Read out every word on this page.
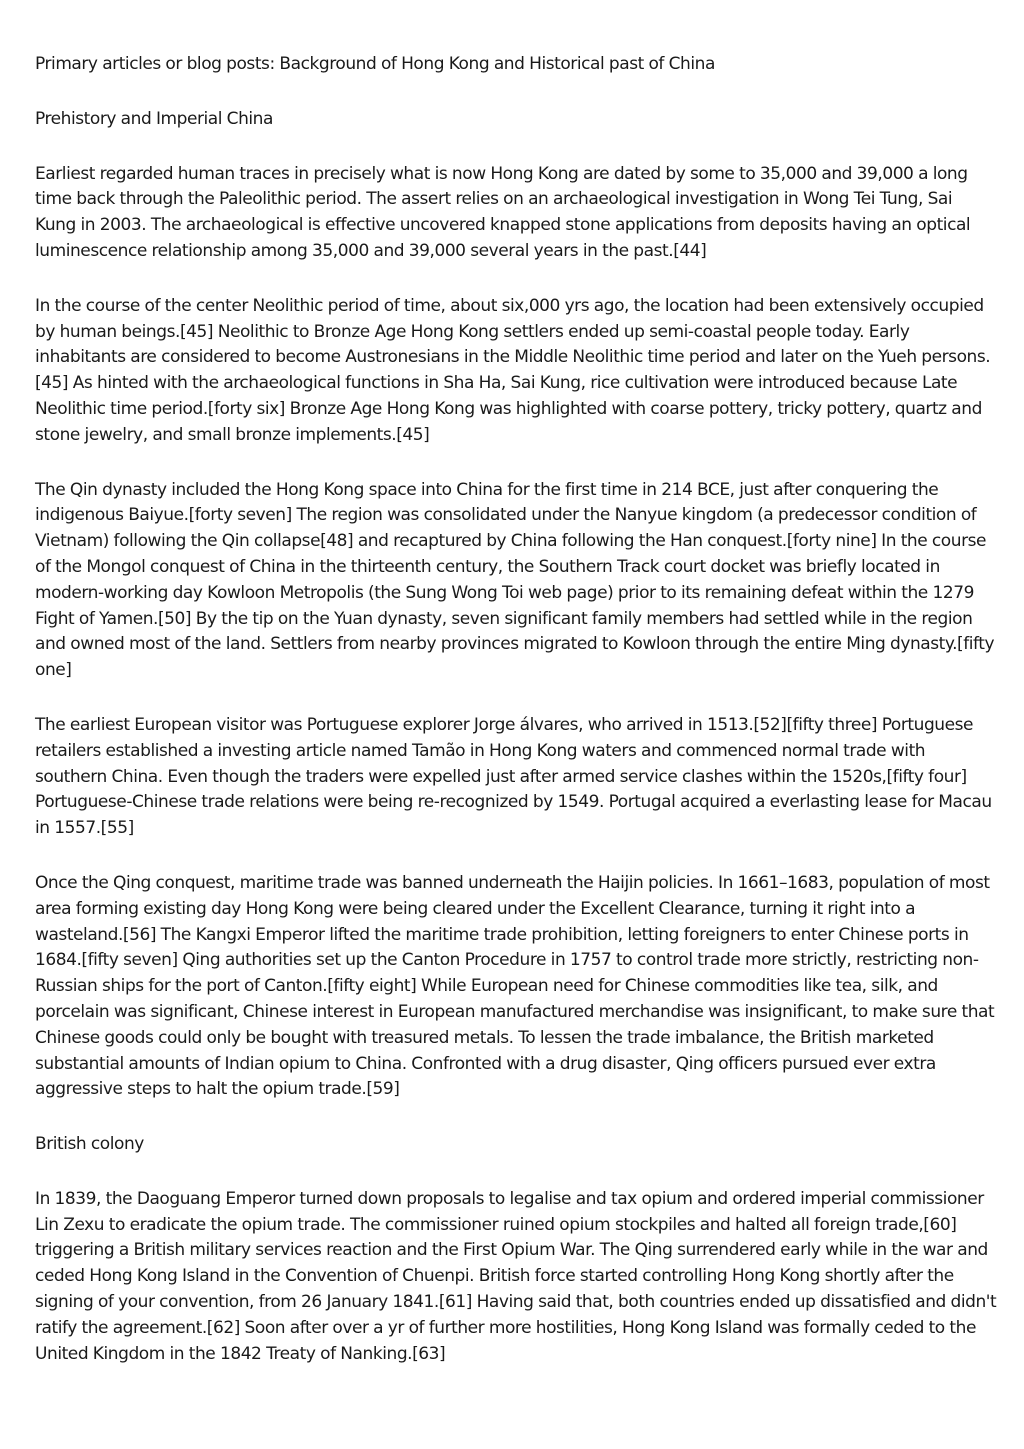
Primary articles or blog posts: Background of Hong Kong and Historical past of China

Prehistory and Imperial China

Earliest regarded human traces in precisely what is now Hong Kong are dated by some to 35,000 and 39,000 a long time back through the Paleolithic period. The assert relies on an archaeological investigation in Wong Tei Tung, Sai Kung in 2003. The archaeological is effective uncovered knapped stone applications from deposits having an optical luminescence relationship among 35,000 and 39,000 several years in the past.[44]

In the course of the center Neolithic period of time, about six,000 yrs ago, the location had been extensively occupied by human beings.[45] Neolithic to Bronze Age Hong Kong settlers ended up semi-coastal people today. Early inhabitants are considered to become Austronesians in the Middle Neolithic time period and later on the Yueh persons.[45] As hinted with the archaeological functions in Sha Ha, Sai Kung, rice cultivation were introduced because Late Neolithic time period.[forty six] Bronze Age Hong Kong was highlighted with coarse pottery, tricky pottery, quartz and stone jewelry, and small bronze implements.[45]

The Qin dynasty included the Hong Kong space into China for the first time in 214 BCE, just after conquering the indigenous Baiyue.[forty seven] The region was consolidated under the Nanyue kingdom (a predecessor condition of Vietnam) following the Qin collapse[48] and recaptured by China following the Han conquest.[forty nine] In the course of the Mongol conquest of China in the thirteenth century, the Southern Track court docket was briefly located in modern-working day Kowloon Metropolis (the Sung Wong Toi web page) prior to its remaining defeat within the 1279 Fight of Yamen.[50] By the tip on the Yuan dynasty, seven significant family members had settled while in the region and owned most of the land. Settlers from nearby provinces migrated to Kowloon through the entire Ming dynasty.[fifty one]

The earliest European visitor was Portuguese explorer Jorge álvares, who arrived in 1513.[52][fifty three] Portuguese retailers established a investing article named Tamão in Hong Kong waters and commenced normal trade with southern China. Even though the traders were expelled just after armed service clashes within the 1520s,[fifty four] Portuguese-Chinese trade relations were being re-recognized by 1549. Portugal acquired a everlasting lease for Macau in 1557.[55]

Once the Qing conquest, maritime trade was banned underneath the Haijin policies. In 1661–1683, population of most area forming existing day Hong Kong were being cleared under the Excellent Clearance, turning it right into a wasteland.[56] The Kangxi Emperor lifted the maritime trade prohibition, letting foreigners to enter Chinese ports in 1684.[fifty seven] Qing authorities set up the Canton Procedure in 1757 to control trade more strictly, restricting non-Russian ships for the port of Canton.[fifty eight] While European need for Chinese commodities like tea, silk, and porcelain was significant, Chinese interest in European manufactured merchandise was insignificant, to make sure that Chinese goods could only be bought with treasured metals. To lessen the trade imbalance, the British marketed substantial amounts of Indian opium to China. Confronted with a drug disaster, Qing officers pursued ever extra aggressive steps to halt the opium trade.[59]

British colony

In 1839, the Daoguang Emperor turned down proposals to legalise and tax opium and ordered imperial commissioner Lin Zexu to eradicate the opium trade. The commissioner ruined opium stockpiles and halted all foreign trade,[60] triggering a British military services reaction and the First Opium War. The Qing surrendered early while in the war and ceded Hong Kong Island in the Convention of Chuenpi. British force started controlling Hong Kong shortly after the signing of your convention, from 26 January 1841.[61] Having said that, both countries ended up dissatisfied and didn't ratify the agreement.[62] Soon after over a yr of further more hostilities, Hong Kong Island was formally ceded to the United Kingdom in the 1842 Treaty of Nanking.[63]
